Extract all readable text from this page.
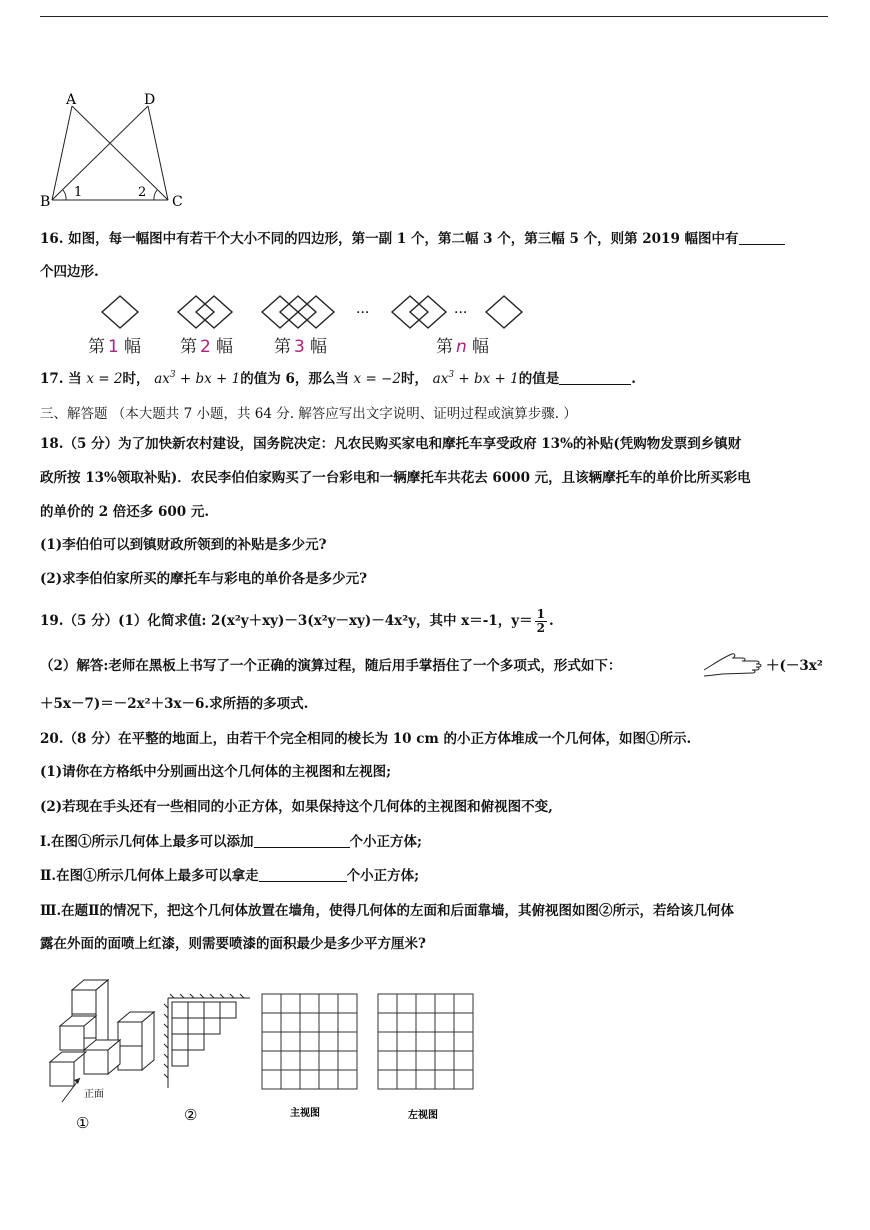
A	D
B	C
1	2
16. 如图，每一幅图中有若干个大小不同的四边形，第一副 1 个，第二幅 3 个，第三幅 5 个，则第 2019 幅图中有
个四边形.
···	···
第 1 幅 第 2 幅 第 3 幅	第 n 幅
17. 当 x = 2时， $ax^3$ + bx + 1的值为 6，那么当 x = −2时， $ax^3$ + bx + 1的值是	.
三、解答题 （本大题共 7 小题，共 64 分. 解答应写出文字说明、证明过程或演算步骤. ）
18.（5 分）为了加快新农村建设，国务院决定：凡农民购买家电和摩托车享受政府 13%的补贴(凭购物发票到乡镇财
政所按 13%领取补贴)．农民李伯伯家购买了一台彩电和一辆摩托车共花去 6000 元，且该辆摩托车的单价比所买彩电
的单价的 2 倍还多 600 元.
(1)李伯伯可以到镇财政所领到的补贴是多少元?
(2)求李伯伯家所买的摩托车与彩电的单价各是多少元?
19.（5 分）(1）化简求值: 2(x²y＋xy)－3(x²y－xy)－4x²y，其中 x＝-1，$y= \frac{1}{2}$ .
（2）解答:老师在黑板上书写了一个正确的演算过程，随后用手掌捂住了一个多项式，形式如下：	＋(－3x²
＋5x－7)＝－2x²＋3x－6.求所捂的多项式.
20.（8 分）在平整的地面上，由若干个完全相同的棱长为 10 cm 的小正方体堆成一个几何体，如图①所示.
(1)请你在方格纸中分别画出这个几何体的主视图和左视图;
(2)若现在手头还有一些相同的小正方体，如果保持这个几何体的主视图和俯视图不变,
Ⅰ.在图①所示几何体上最多可以添加	个小正方体;
Ⅱ.在图①所示几何体上最多可以拿走	个小正方体;
Ⅲ.在题Ⅱ的情况下，把这个几何体放置在墙角，使得几何体的左面和后面靠墙，其俯视图如图②所示，若给该几何体
露在外面的面喷上红漆，则需要喷漆的面积最少是多少平方厘米?
正面
①	②	主视图	左视图
